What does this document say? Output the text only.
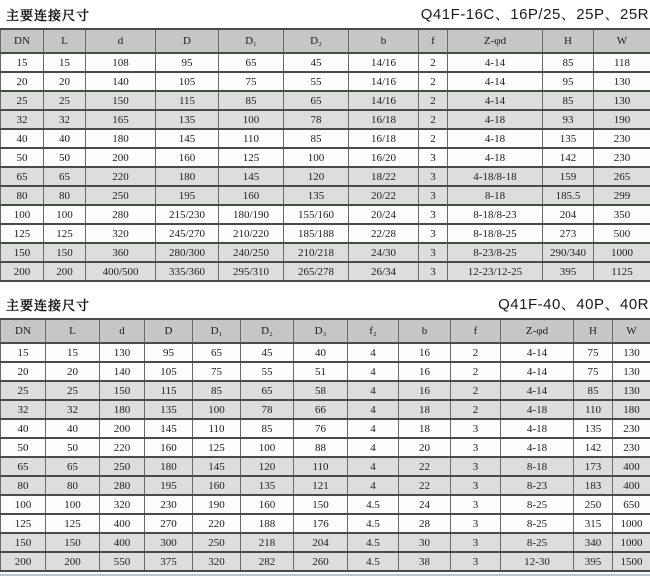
主要连接尺寸	Q41F-16C、16P/25、25P、25R
DN	L	d	D	D₁	D₂	b	f	Z-φd	H	W
15	15	108	95	65	45	14/16	2	4-14	85	118
20	20	140	105	75	55	14/16	2	4-14	95	130
25	25	150	115	85	65	14/16	2	4-14	85	130
32	32	165	135	100	78	16/18	2	4-18	93	190
40	40	180	145	110	85	16/18	2	4-18	135	230
50	50	200	160	125	100	16/20	3	4-18	142	230
65	65	220	180	145	120	18/22	3	4-18/8-18	159	265
80	80	250	195	160	135	20/22	3	8-18	185.5	299
100	100	280	215/230	180/190	155/160	20/24	3	8-18/8-23	204	350
125	125	320	245/270	210/220	185/188	22/28	3	8-18/8-25	273	500
150	150	360	280/300	240/250	210/218	24/30	3	8-23/8-25	290/340	1000
200	200	400/500	335/360	295/310	265/278	26/34	3	12-23/12-25	395	1125
主要连接尺寸	Q41F-40、40P、40R
DN	L	d	D	D₁	D₂	D₃	f₂	b	f	Z-φd	H	W
15	15	130	95	65	45	40	4	16	2	4-14	75	130
20	20	140	105	75	55	51	4	16	2	4-14	75	130
25	25	150	115	85	65	58	4	16	2	4-14	85	130
32	32	180	135	100	78	66	4	18	2	4-18	110	180
40	40	200	145	110	85	76	4	18	3	4-18	135	230
50	50	220	160	125	100	88	4	20	3	4-18	142	230
65	65	250	180	145	120	110	4	22	3	8-18	173	400
80	80	280	195	160	135	121	4	22	3	8-23	183	400
100	100	320	230	190	160	150	4.5	24	3	8-25	250	650
125	125	400	270	220	188	176	4.5	28	3	8-25	315	1000
150	150	400	300	250	218	204	4.5	30	3	8-25	340	1000
200	200	550	375	320	282	260	4.5	38	3	12-30	395	1500
